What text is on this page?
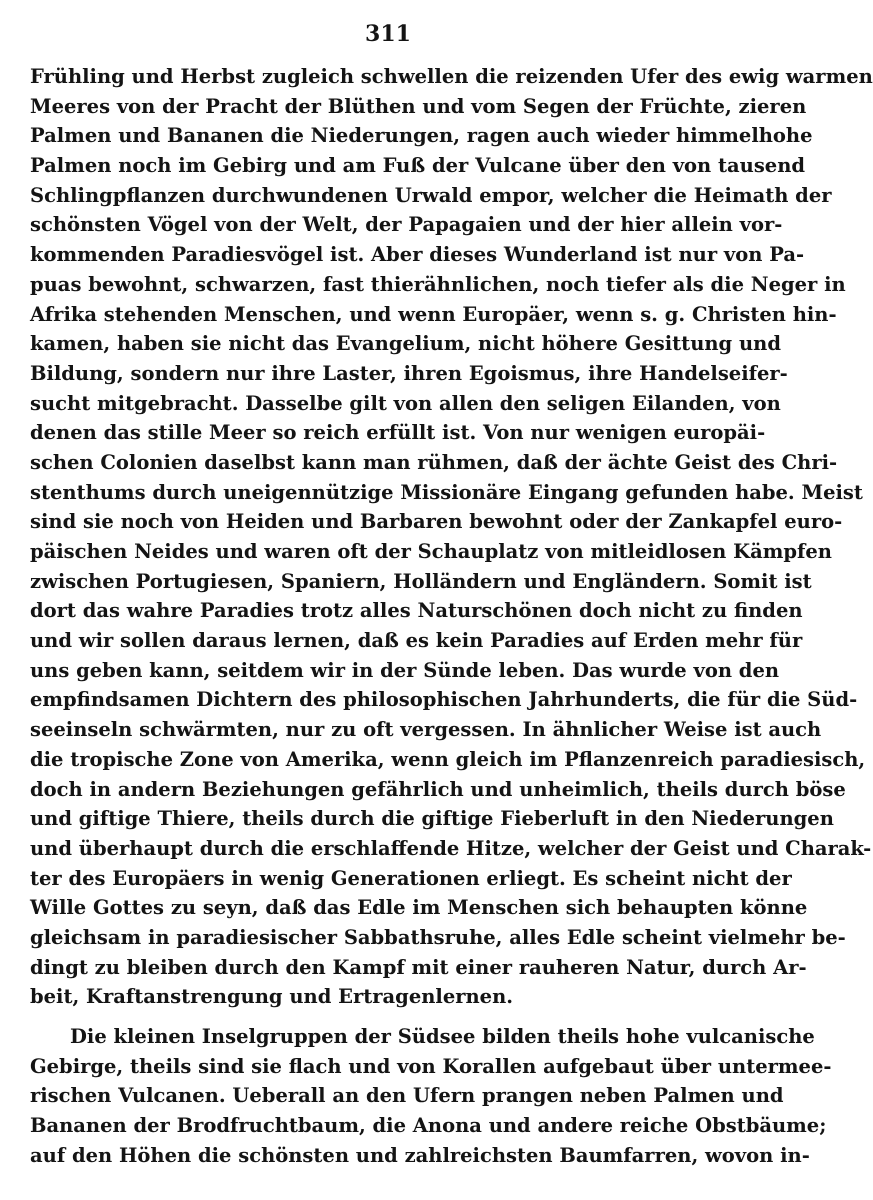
311
Frühling und Herbst zugleich schwellen die reizenden Ufer des ewig warmen
Meeres von der Pracht der Blüthen und vom Segen der Früchte, zieren
Palmen und Bananen die Niederungen, ragen auch wieder himmelhohe
Palmen noch im Gebirg und am Fuß der Vulcane über den von tausend
Schlingpflanzen durchwundenen Urwald empor, welcher die Heimath der
schönsten Vögel von der Welt, der Papagaien und der hier allein vor-
kommenden Paradiesvögel ist. Aber dieses Wunderland ist nur von Pa-
puas bewohnt, schwarzen, fast thierähnlichen, noch tiefer als die Neger in
Afrika stehenden Menschen, und wenn Europäer, wenn s. g. Christen hin-
kamen, haben sie nicht das Evangelium, nicht höhere Gesittung und
Bildung, sondern nur ihre Laster, ihren Egoismus, ihre Handelseifer-
sucht mitgebracht. Dasselbe gilt von allen den seligen Eilanden, von
denen das stille Meer so reich erfüllt ist. Von nur wenigen europäi-
schen Colonien daselbst kann man rühmen, daß der ächte Geist des Chri-
stenthums durch uneigennützige Missionäre Eingang gefunden habe. Meist
sind sie noch von Heiden und Barbaren bewohnt oder der Zankapfel euro-
päischen Neides und waren oft der Schauplatz von mitleidlosen Kämpfen
zwischen Portugiesen, Spaniern, Holländern und Engländern. Somit ist
dort das wahre Paradies trotz alles Naturschönen doch nicht zu finden
und wir sollen daraus lernen, daß es kein Paradies auf Erden mehr für
uns geben kann, seitdem wir in der Sünde leben. Das wurde von den
empfindsamen Dichtern des philosophischen Jahrhunderts, die für die Süd-
seeinseln schwärmten, nur zu oft vergessen. In ähnlicher Weise ist auch
die tropische Zone von Amerika, wenn gleich im Pflanzenreich paradiesisch,
doch in andern Beziehungen gefährlich und unheimlich, theils durch böse
und giftige Thiere, theils durch die giftige Fieberluft in den Niederungen
und überhaupt durch die erschlaffende Hitze, welcher der Geist und Charak-
ter des Europäers in wenig Generationen erliegt. Es scheint nicht der
Wille Gottes zu seyn, daß das Edle im Menschen sich behaupten könne
gleichsam in paradiesischer Sabbathsruhe, alles Edle scheint vielmehr be-
dingt zu bleiben durch den Kampf mit einer rauheren Natur, durch Ar-
beit, Kraftanstrengung und Ertragenlernen.
Die kleinen Inselgruppen der Südsee bilden theils hohe vulcanische
Gebirge, theils sind sie flach und von Korallen aufgebaut über untermee-
rischen Vulcanen. Ueberall an den Ufern prangen neben Palmen und
Bananen der Brodfruchtbaum, die Anona und andere reiche Obstbäume;
auf den Höhen die schönsten und zahlreichsten Baumfarren, wovon in-
